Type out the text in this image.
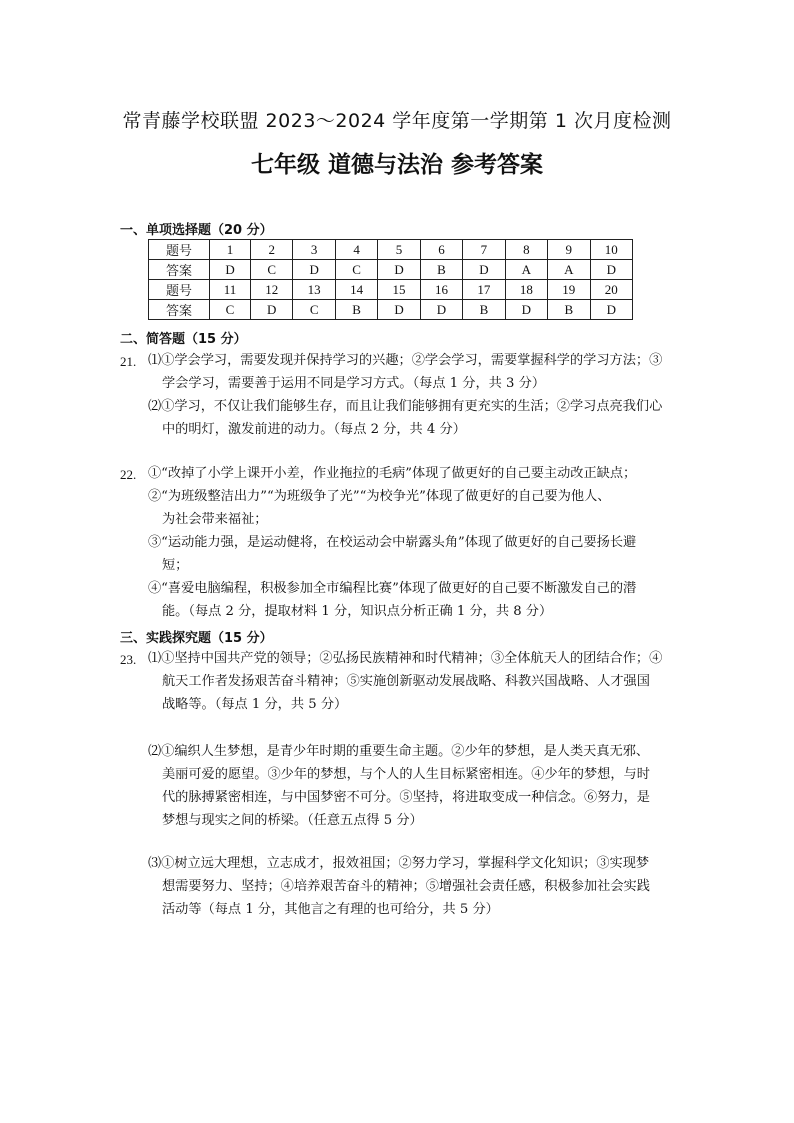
常青藤学校联盟 2023～2024 学年度第一学期第 1 次月度检测
七年级 道德与法治 参考答案
一、单项选择题（20 分）
题号	1	2	3	4	5	6	7	8	9	10
答案	D	C	D	C	D	B	D	A	A	D
题号	11	12	13	14	15	16	17	18	19	20
答案	C	D	C	B	D	D	B	D	B	D
二、简答题（15 分）
21. ⑴①学会学习，需要发现并保持学习的兴趣；②学会学习，需要掌握科学的学习方法；③

学会学习，需要善于运用不同是学习方式。（每点 1 分，共 3 分）

⑵①学习，不仅让我们能够生存，而且让我们能够拥有更充实的生活；②学习点亮我们心

中的明灯，激发前进的动力。（每点 2 分，共 4 分）

22. ①“改掉了小学上课开小差，作业拖拉的毛病”体现了做更好的自己要主动改正缺点；

②“为班级整洁出力”“为班级争了光”“为校争光”体现了做更好的自己要为他人、

为社会带来福祉；

③“运动能力强，是运动健将，在校运动会中崭露头角”体现了做更好的自己要扬长避

短；

④“喜爱电脑编程，积极参加全市编程比赛”体现了做更好的自己要不断激发自己的潜

能。（每点 2 分，提取材料 1 分，知识点分析正确 1 分，共 8 分）

三、实践探究题（15 分）
23. ⑴①坚持中国共产党的领导；②弘扬民族精神和时代精神；③全体航天人的团结合作；④

航天工作者发扬艰苦奋斗精神；⑤实施创新驱动发展战略、科教兴国战略、人才强国

战略等。（每点 1 分，共 5 分）

⑵①编织人生梦想，是青少年时期的重要生命主题。②少年的梦想，是人类天真无邪、

美丽可爱的愿望。③少年的梦想，与个人的人生目标紧密相连。④少年的梦想，与时

代的脉搏紧密相连，与中国梦密不可分。⑤坚持，将进取变成一种信念。⑥努力，是

梦想与现实之间的桥梁。（任意五点得 5 分）

⑶①树立远大理想，立志成才，报效祖国；②努力学习，掌握科学文化知识；③实现梦

想需要努力、坚持；④培养艰苦奋斗的精神；⑤增强社会责任感，积极参加社会实践

活动等（每点 1 分，其他言之有理的也可给分，共 5 分）
